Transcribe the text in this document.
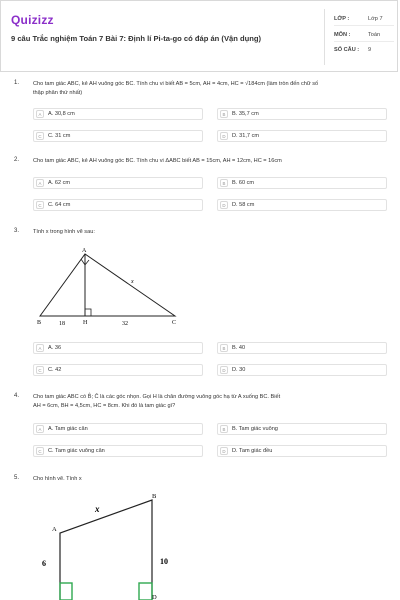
Quizizz
9 câu Trắc nghiệm Toán 7 Bài 7: Định lí Pi-ta-go có đáp án (Vận dụng)
LỚP :	Lớp 7
MÔN :	Toán
SỐ CÂU : 9
1. Cho tam giác ABC, kẻ AH vuông góc BC. Tính chu vi biết AB = 5cm, AH = 4cm, HC = √184cm (làm tròn đến chữ số
thập phân thứ nhất)
A	A. 30,8 cm	B	B. 35,7 cm
C	C. 31 cm	D	D. 31,7 cm
2. Cho tam giác ABC, kẻ AH vuông góc BC. Tính chu vi ΔABC biết AB = 15cm, AH = 12cm, HC = 16cm
A	A. 62 cm	B	B. 60 cm
C	C. 64 cm	D	D. 58 cm
3. Tính x trong hình vẽ sau:
A
B	H	C
x
18	32
A	A. 36	B	B. 40
C	C. 42	D	D. 30
4. Cho tam giác ABC có B̂; Ĉ là các góc nhọn. Gọi H là chân đường vuông góc hạ từ A xuống BC. Biết
AH = 6cm, BH = 4,5cm, HC = 8cm. Khi đó là tam giác gì?
A	A. Tam giác cân	B	B. Tam giác vuông
C	C. Tam giác vuông cân	D	D. Tam giác đều
5. Cho hình vẽ. Tính x
A
B
D
x
6	10
